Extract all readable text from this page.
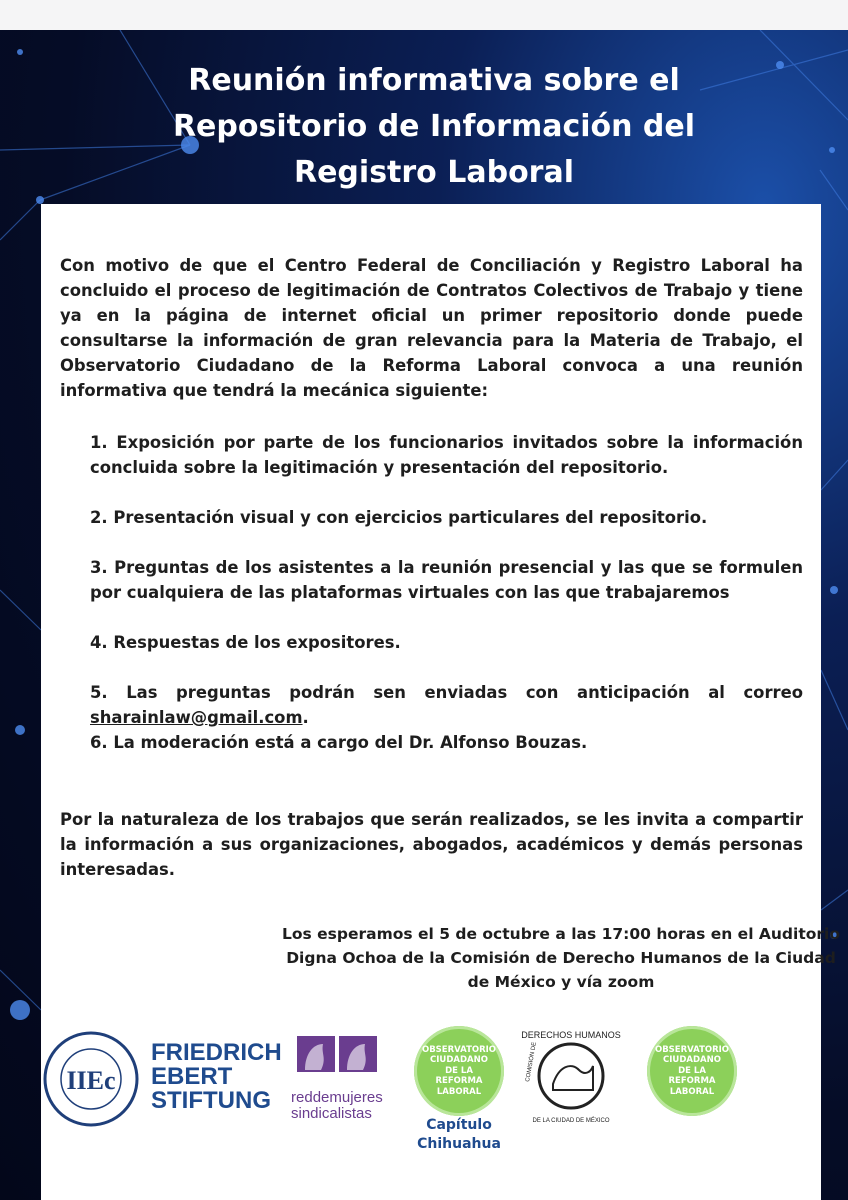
Reunión informativa sobre el
Repositorio de Información del
Registro Laboral
Con motivo de que el Centro Federal de Conciliación y Registro Laboral ha concluido el proceso de legitimación de Contratos Colectivos de Trabajo y tiene ya en la página de internet oficial un primer repositorio donde puede consultarse la información de gran relevancia para la Materia de Trabajo, el Observatorio Ciudadano de la Reforma Laboral convoca a una reunión informativa que tendrá la mecánica siguiente:
1. Exposición por parte de los funcionarios invitados sobre la información concluida sobre la legitimación y presentación del repositorio.
2. Presentación visual y con ejercicios particulares del repositorio.
3. Preguntas de los asistentes a la reunión presencial y las que se formulen por cualquiera de las plataformas virtuales con las que trabajaremos
4. Respuestas de los expositores.
5. Las preguntas podrán sen enviadas con anticipación al correo
sharainlaw@gmail.com.
6. La moderación está a cargo del Dr. Alfonso Bouzas.
Por la naturaleza de los trabajos que serán realizados, se les invita a compartir la información a sus organizaciones, abogados, académicos y demás personas interesadas.
Los esperamos el 5 de octubre a las 17:00 horas en el Auditorio Digna Ochoa de la Comisión de Derecho Humanos de la Ciudad de México y vía zoom
IIEc
FRIEDRICH
EBERT
STIFTUNG	reddemujeres
sindicalistas
OBSERVATORIO
CIUDADANO
DE LA
REFORMA
LABORAL
Capítulo
Chihuahua
DERECHOS HUMANOS
DE LA CIUDAD DE MÉXICO
COMISIÓN DE	OBSERVATORIO
CIUDADANO
DE LA
REFORMA
LABORAL
